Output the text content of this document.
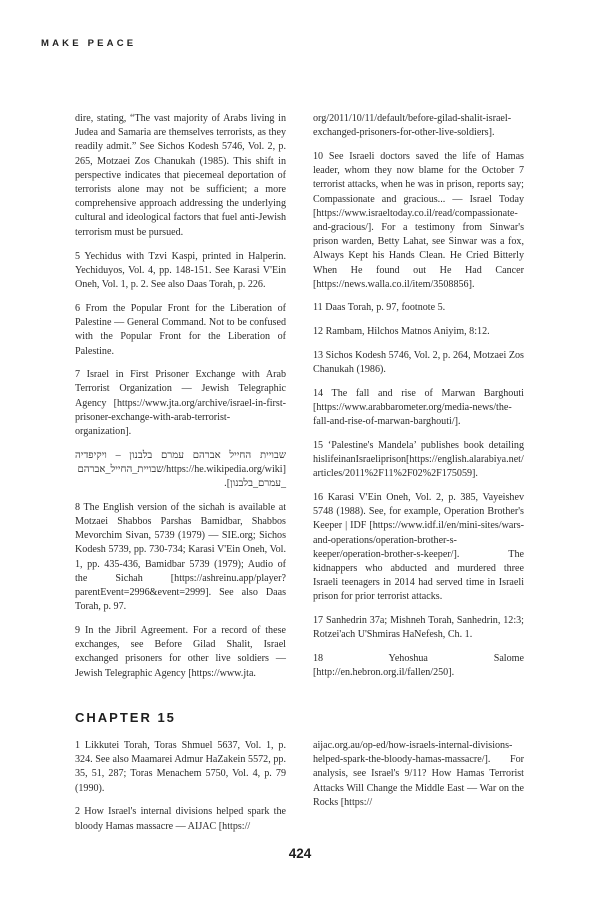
MAKE PEACE

dire, stating, “The vast majority of Arabs living in Judea and Samaria are themselves terrorists, as they readily admit.” See Sichos Kodesh 5746, Vol. 2, p. 265, Motzaei Zos Chanukah (1985). This shift in perspective indicates that piecemeal deportation of terrorists alone may not be sufficient; a more comprehensive approach addressing the underlying cultural and ideological factors that fuel anti-Jewish terrorism must be pursued.

5 Yechidus with Tzvi Kaspi, printed in Halperin. Yechiduyos, Vol. 4, pp. 148-151. See Karasi V'Ein Oneh, Vol. 1, p. 2. See also Daas Torah, p. 226.

6 From the Popular Front for the Liberation of Palestine — General Command. Not to be confused with the Popular Front for the Liberation of Palestine.

7 Israel in First Prisoner Exchange with Arab Terrorist Organization — Jewish Telegraphic Agency [https://www.jta.org/archive/israel-in-first-prisoner-exchange-with-arab-terrorist-organization].

שבויית החייל אברהם עמרם בלבנון – ויקיפדיה [https://he.wikipedia.org/wiki/שבויית_החייל_אברהם_עמרם_בלבנון].

8 The English version of the sichah is available at Motzaei Shabbos Parshas Bamidbar, Shabbos Mevorchim Sivan, 5739 (1979) — SIE.org; Sichos Kodesh 5739, pp. 730-734; Karasi V'Ein Oneh, Vol. 1, pp. 435-436, Bamidbar 5739 (1979); Audio of the Sichah [https://ashreinu.app/player?parentEvent=2996&event=2999]. See also Daas Torah, p. 97.

9 In the Jibril Agreement. For a record of these exchanges, see Before Gilad Shalit, Israel exchanged prisoners for other live soldiers — Jewish Telegraphic Agency [https://www.jta.

org/2011/10/11/default/before-gilad-shalit-israel-exchanged-prisoners-for-other-live-soldiers].

10 See Israeli doctors saved the life of Hamas leader, whom they now blame for the October 7 terrorist attacks, when he was in prison, reports say; Compassionate and gracious... — Israel Today [https://www.israeltoday.co.il/read/compassionate-and-gracious/]. For a testimony from Sinwar's prison warden, Betty Lahat, see Sinwar was a fox, Always Kept his Hands Clean. He Cried Bitterly When He found out He Had Cancer [https://news.walla.co.il/item/3508856].

11 Daas Torah, p. 97, footnote 5.

12 Rambam, Hilchos Matnos Aniyim, 8:12.

13 Sichos Kodesh 5746, Vol. 2, p. 264, Motzaei Zos Chanukah (1986).

14 The fall and rise of Marwan Barghouti [https://www.arabbarometer.org/media-news/the-fall-and-rise-of-marwan-barghouti/].

15 ‘Palestine's Mandela’ publishes book detailing hislifeinanIsraeliprison[https://english.alarabiya.net/articles/2011%2F11%2F02%2F175059].

16 Karasi V'Ein Oneh, Vol. 2, p. 385, Vayeishev 5748 (1988). See, for example, Operation Brother's Keeper | IDF [https://www.idf.il/en/mini-sites/wars-and-operations/operation-brother-s-keeper/operation-brother-s-keeper/]. The kidnappers who abducted and murdered three Israeli teenagers in 2014 had served time in Israeli prison for prior terrorist attacks.

17 Sanhedrin 37a; Mishneh Torah, Sanhedrin, 12:3; Rotzei'ach U'Shmiras HaNefesh, Ch. 1.

18 Yehoshua Salome [http://en.hebron.org.il/fallen/250].

CHAPTER 15

1 Likkutei Torah, Toras Shmuel 5637, Vol. 1, p. 324. See also Maamarei Admur HaZakein 5572, pp. 35, 51, 287; Toras Menachem 5750, Vol. 4, p. 79 (1990).

2 How Israel's internal divisions helped spark the bloody Hamas massacre — AIJAC [https://

aijac.org.au/op-ed/how-israels-internal-divisions-helped-spark-the-bloody-hamas-massacre/]. For analysis, see Israel's 9/11? How Hamas Terrorist Attacks Will Change the Middle East — War on the Rocks [https://

424
